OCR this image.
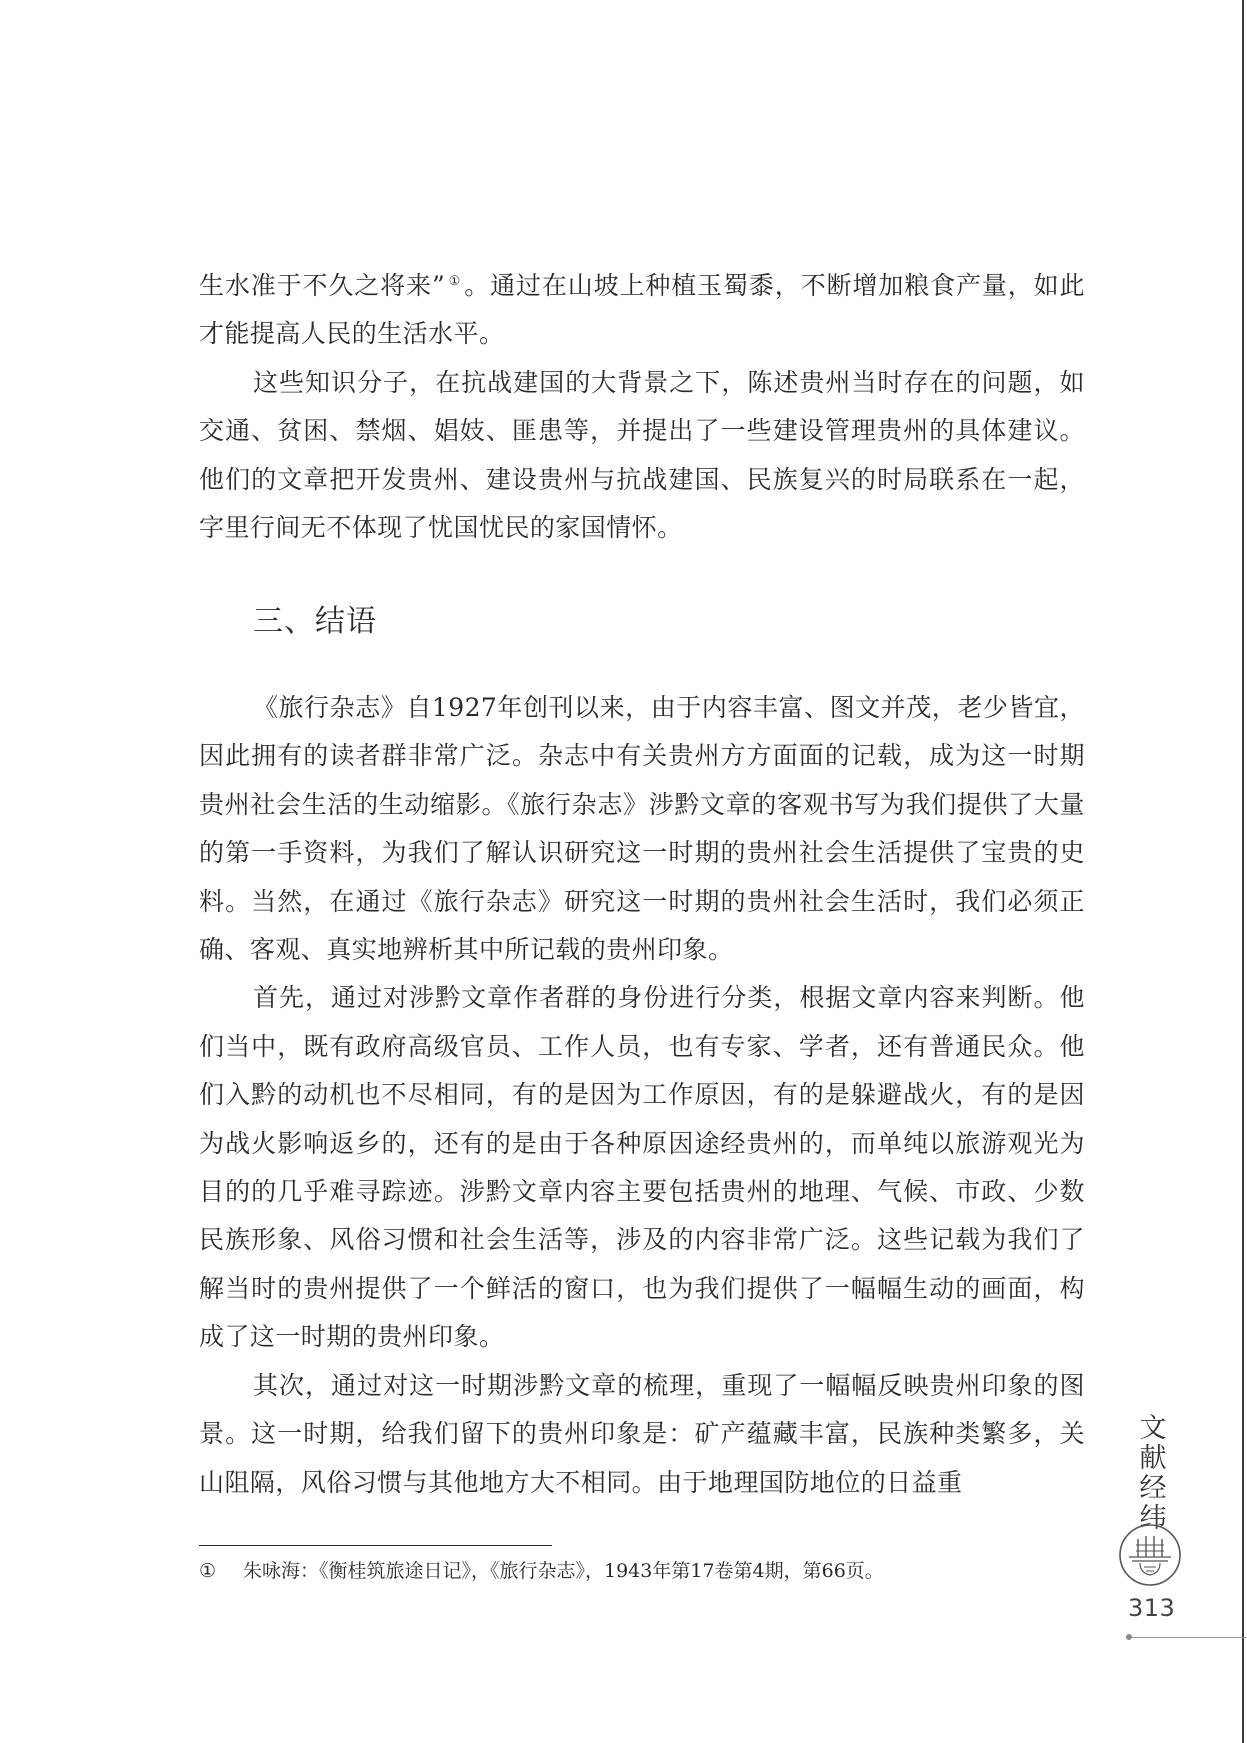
生水准于不久之将来” ① 。通过在山坡上种植玉蜀黍，不断增加粮食产量，如此才能提高人民的生活水平。

这些知识分子，在抗战建国的大背景之下，陈述贵州当时存在的问题，如交通、贫困、禁烟、娼妓、匪患等，并提出了一些建设管理贵州的具体建议。他们的文章把开发贵州、建设贵州与抗战建国、民族复兴的时局联系在一起，字里行间无不体现了忧国忧民的家国情怀。

三、结语

《旅行杂志》自1927年创刊以来，由于内容丰富、图文并茂，老少皆宜，因此拥有的读者群非常广泛。杂志中有关贵州方方面面的记载，成为这一时期贵州社会生活的生动缩影。《旅行杂志》涉黔文章的客观书写为我们提供了大量的第一手资料，为我们了解认识研究这一时期的贵州社会生活提供了宝贵的史料。当然，在通过《旅行杂志》研究这一时期的贵州社会生活时，我们必须正确、客观、真实地辨析其中所记载的贵州印象。

首先，通过对涉黔文章作者群的身份进行分类，根据文章内容来判断。他们当中，既有政府高级官员、工作人员，也有专家、学者，还有普通民众。他们入黔的动机也不尽相同，有的是因为工作原因，有的是躲避战火，有的是因为战火影响返乡的，还有的是由于各种原因途经贵州的，而单纯以旅游观光为目的的几乎难寻踪迹。涉黔文章内容主要包括贵州的地理、气候、市政、少数民族形象、风俗习惯和社会生活等，涉及的内容非常广泛。这些记载为我们了解当时的贵州提供了一个鲜活的窗口，也为我们提供了一幅幅生动的画面，构成了这一时期的贵州印象。

其次，通过对这一时期涉黔文章的梳理，重现了一幅幅反映贵州印象的图景。这一时期，给我们留下的贵州印象是：矿产蕴藏丰富，民族种类繁多，关山阻隔，风俗习惯与其他地方大不相同。由于地理国防地位的日益重

① 朱咏海：《衡桂筑旅途日记》，《旅行杂志》，1943年第17卷第4期，第66页。

文
献
经
纬
313
